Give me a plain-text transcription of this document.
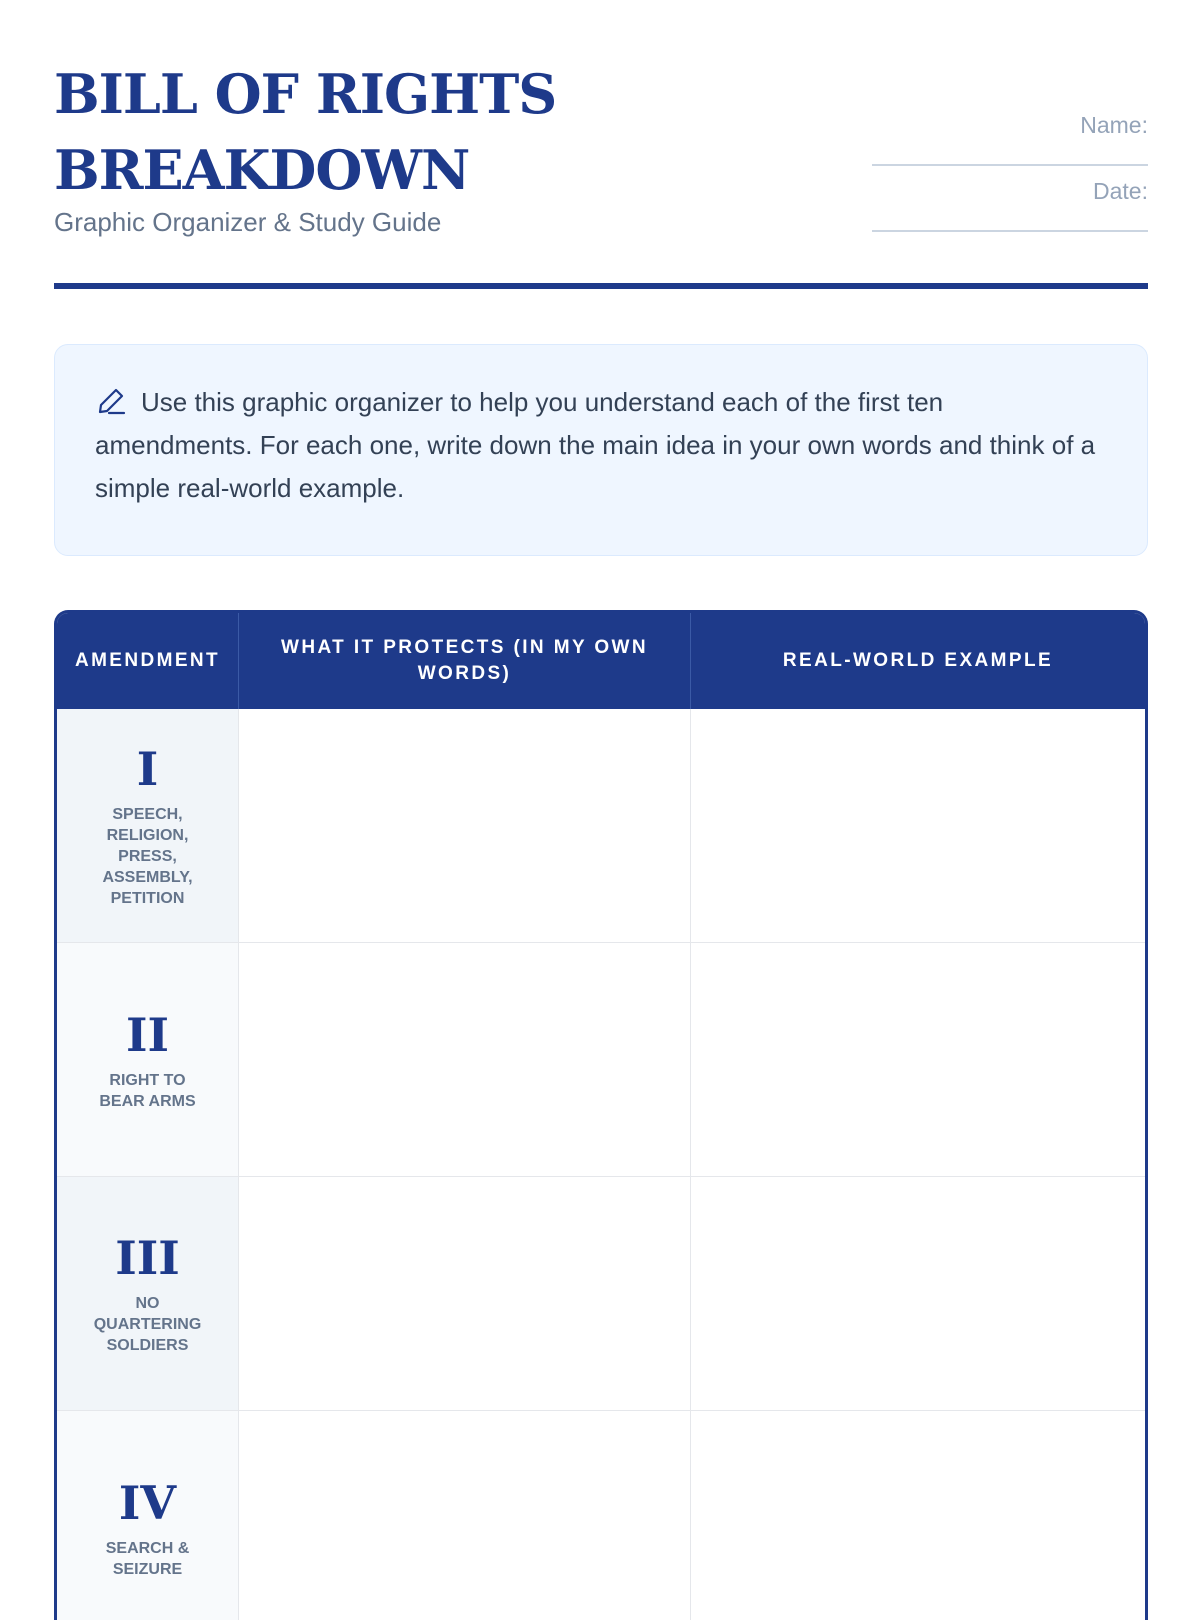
BILL OF RIGHTS BREAKDOWN
Graphic Organizer & Study Guide
Name:
Date:
Use this graphic organizer to help you understand each of the first ten amendments. For each one, write down the main idea in your own words and think of a simple real-world example.
AMENDMENT
WHAT IT PROTECTS (IN MY OWN WORDS)
REAL-WORLD EXAMPLE
I
SPEECH, RELIGION, PRESS, ASSEMBLY, PETITION
II
RIGHT TO BEAR ARMS
III
NO QUARTERING SOLDIERS
IV
SEARCH & SEIZURE
